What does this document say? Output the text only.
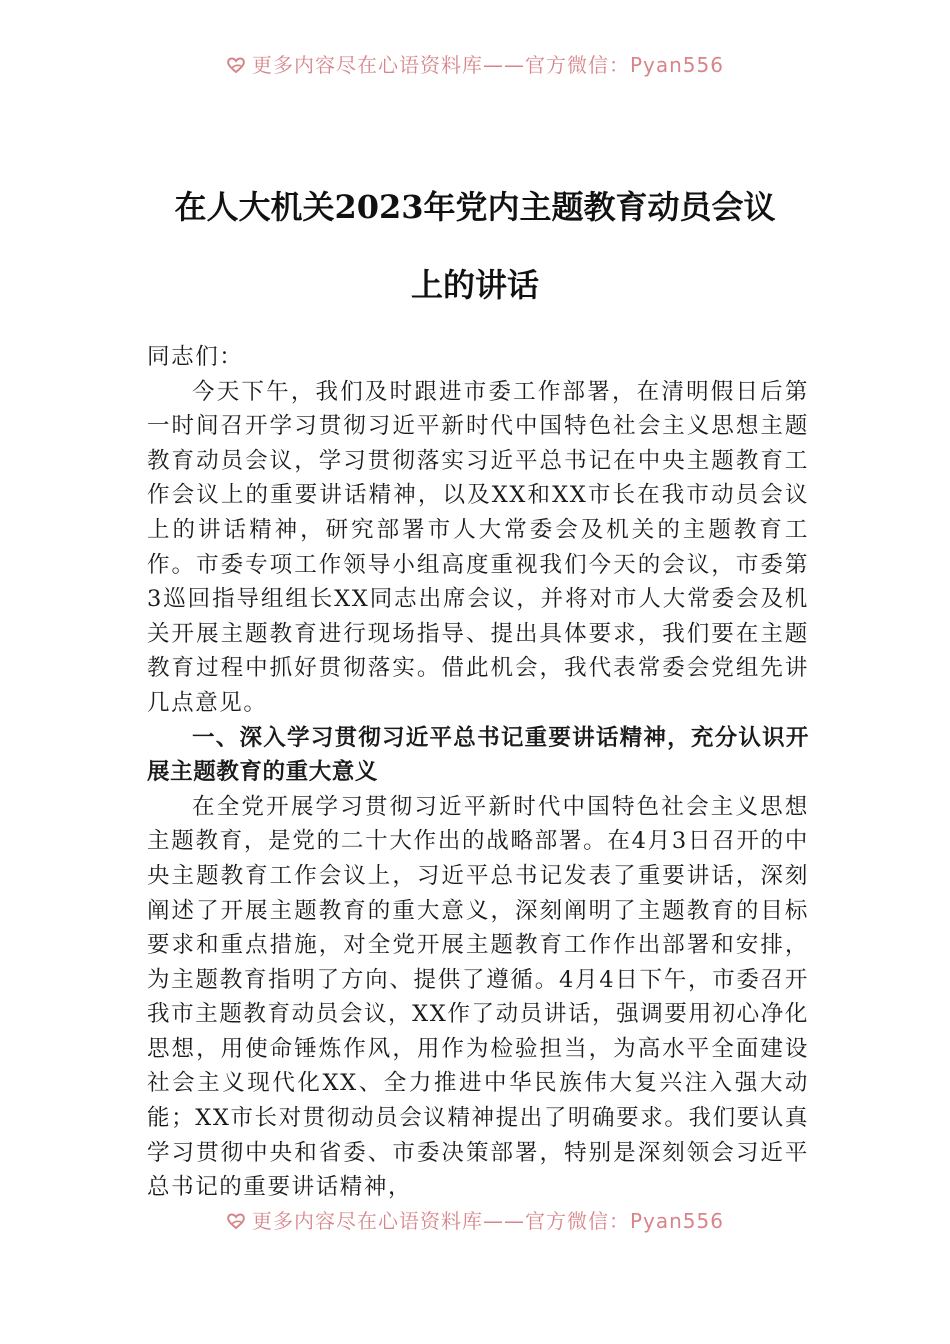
更多内容尽在心语资料库——官方微信：Pyan556
在人大机关2023年党内主题教育动员会议
上的讲话

同志们：

今天下午，我们及时跟进市委工作部署，在清明假日后第一时间召开学习贯彻习近平新时代中国特色社会主义思想主题教育动员会议，学习贯彻落实习近平总书记在中央主题教育工作会议上的重要讲话精神，以及XX和XX市长在我市动员会议上的讲话精神，研究部署市人大常委会及机关的主题教育工作。市委专项工作领导小组高度重视我们今天的会议，市委第3巡回指导组组长XX同志出席会议，并将对市人大常委会及机关开展主题教育进行现场指导、提出具体要求，我们要在主题教育过程中抓好贯彻落实。借此机会，我代表常委会党组先讲几点意见。

一、深入学习贯彻习近平总书记重要讲话精神，充分认识开展主题教育的重大意义

在全党开展学习贯彻习近平新时代中国特色社会主义思想主题教育，是党的二十大作出的战略部署。在4月3日召开的中央主题教育工作会议上，习近平总书记发表了重要讲话，深刻阐述了开展主题教育的重大意义，深刻阐明了主题教育的目标要求和重点措施，对全党开展主题教育工作作出部署和安排，为主题教育指明了方向、提供了遵循。4月4日下午，市委召开我市主题教育动员会议，XX作了动员讲话，强调要用初心净化思想，用使命锤炼作风，用作为检验担当，为高水平全面建设社会主义现代化XX、全力推进中华民族伟大复兴注入强大动能；XX市长对贯彻动员会议精神提出了明确要求。我们要认真学习贯彻中央和省委、市委决策部署，特别是深刻领会习近平总书记的重要讲话精神，

更多内容尽在心语资料库——官方微信：Pyan556
